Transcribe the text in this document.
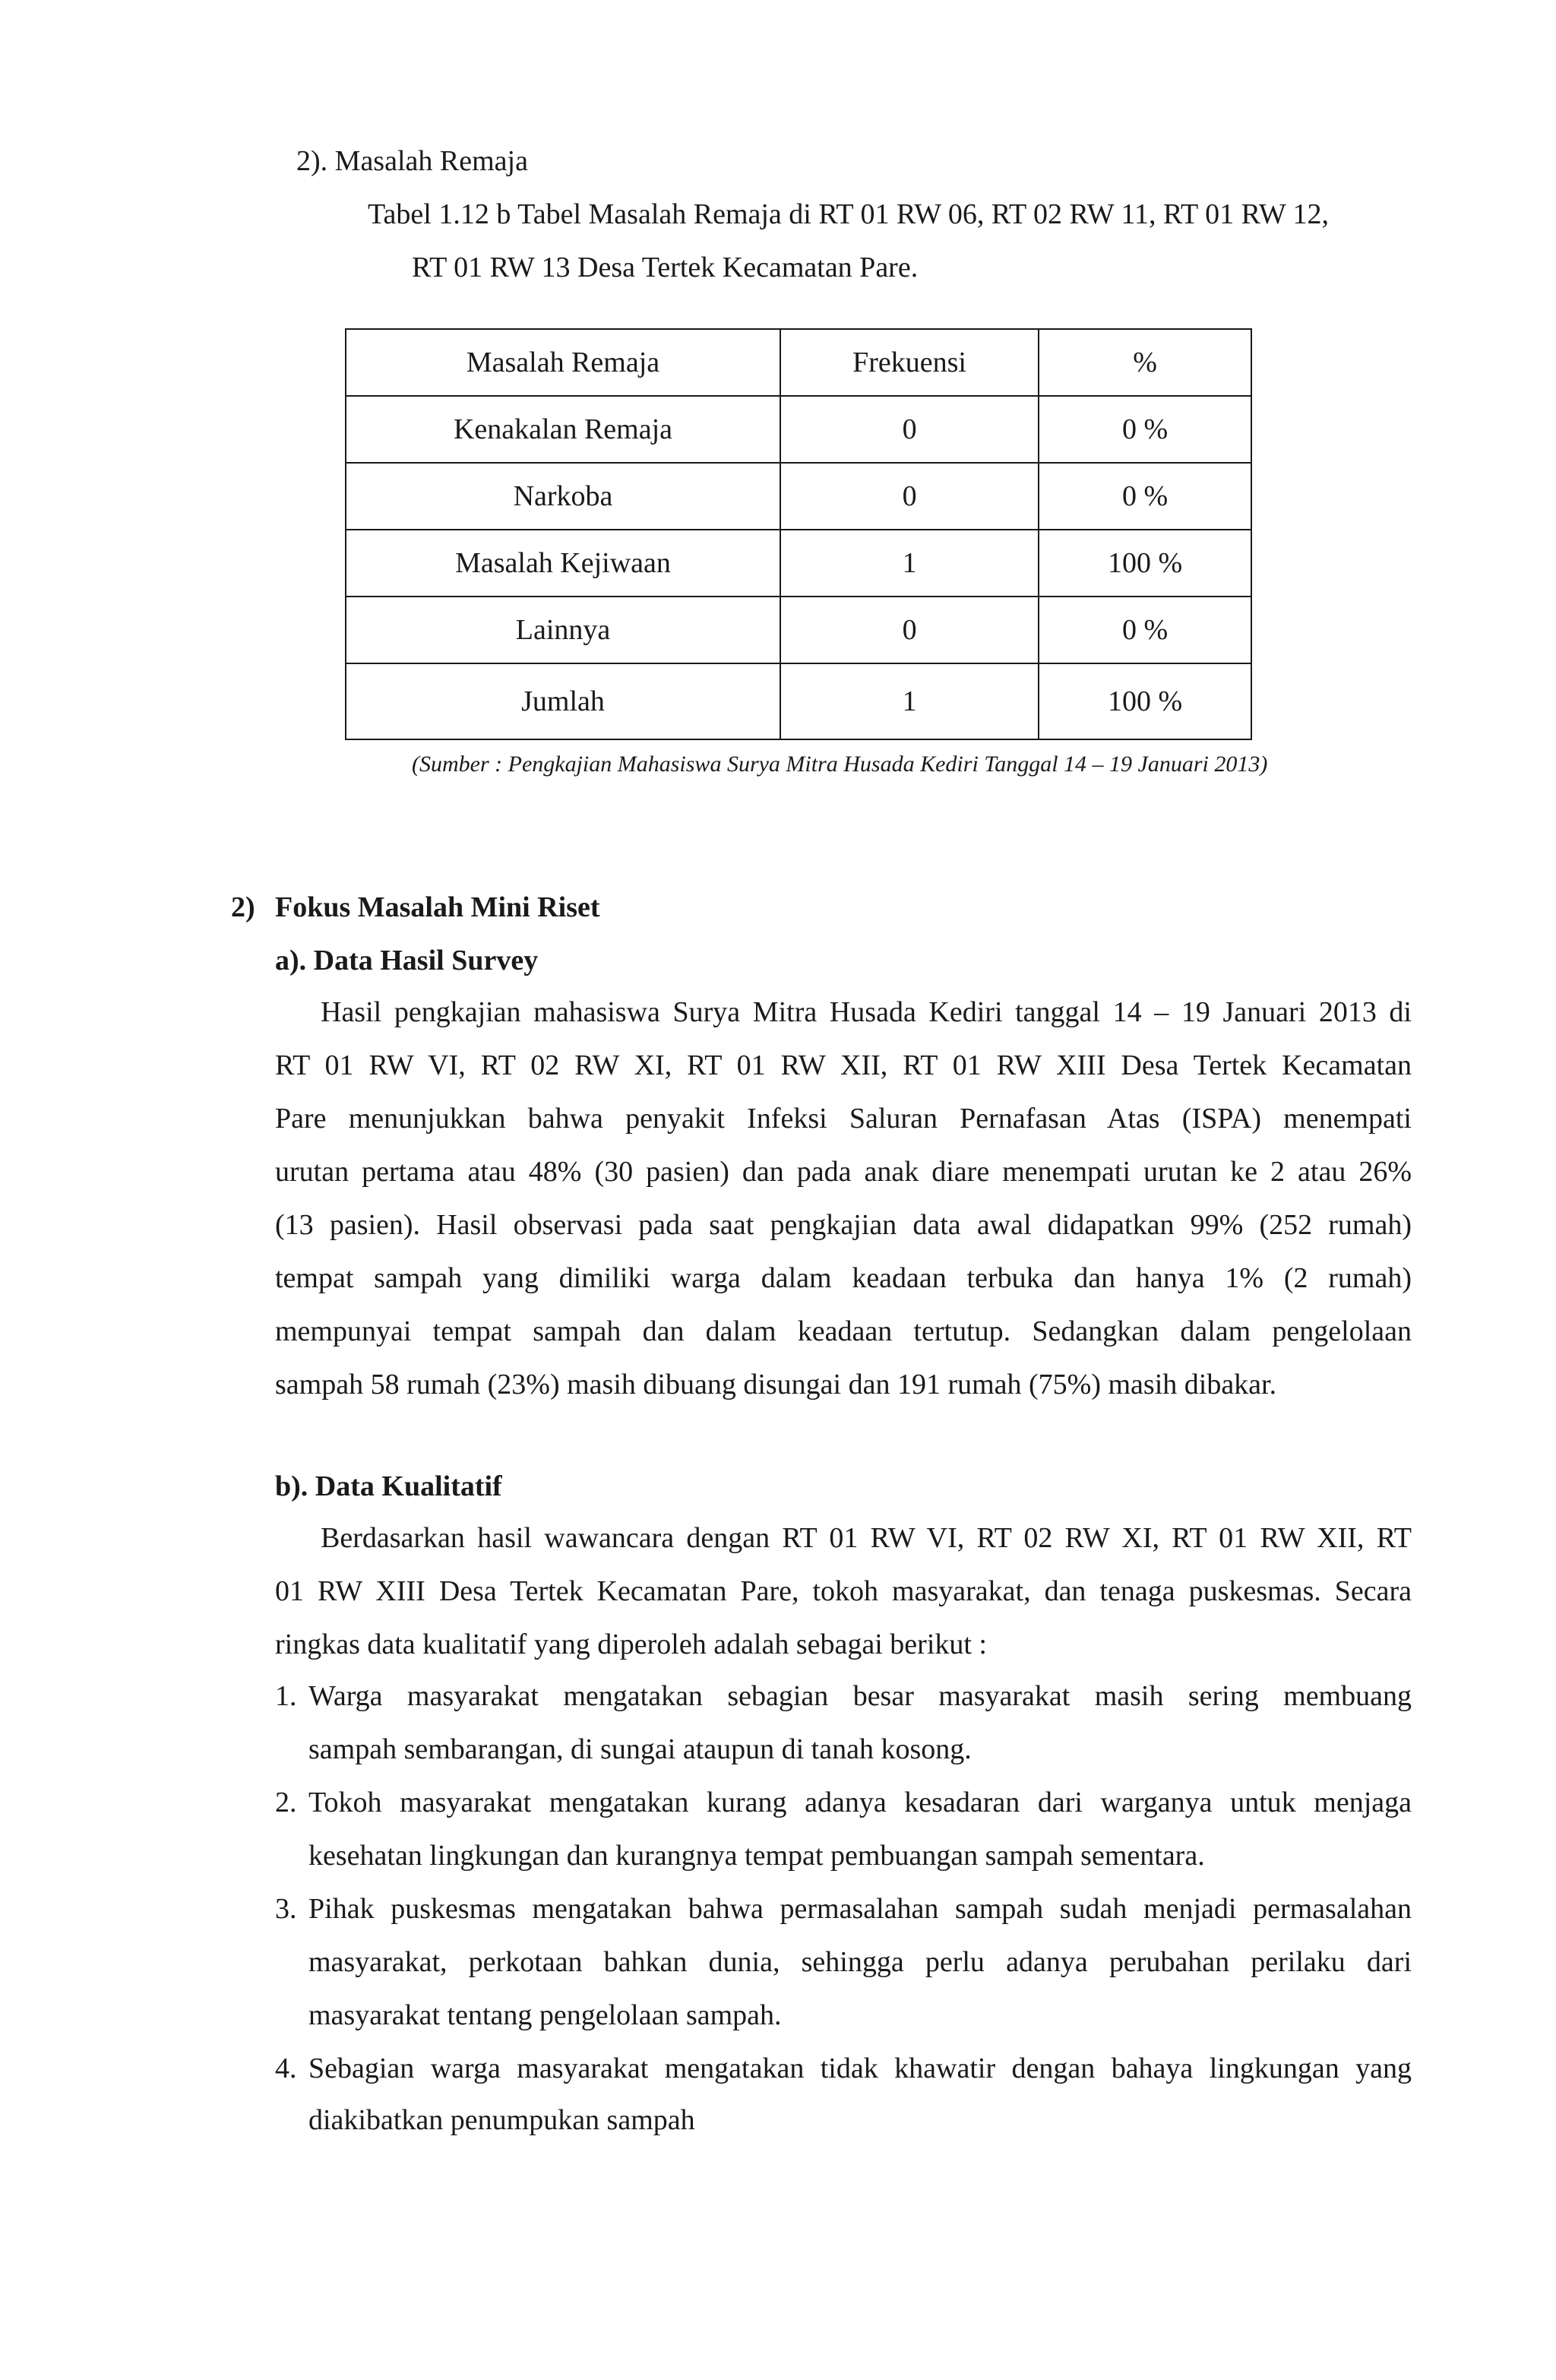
2). Masalah Remaja

Tabel 1.12 b Tabel Masalah Remaja di RT 01 RW 06, RT 02 RW 11, RT 01 RW 12,

RT 01 RW 13 Desa Tertek Kecamatan Pare.

Masalah Remaja	Frekuensi	%
Kenakalan Remaja	0	0 %
Narkoba	0	0 %
Masalah Kejiwaan	1	100 %
Lainnya	0	0 %
Jumlah	1	100 %

(Sumber : Pengkajian Mahasiswa Surya Mitra Husada Kediri Tanggal 14 – 19 Januari 2013)

2) Fokus Masalah Mini Riset

a). Data Hasil Survey

Hasil pengkajian mahasiswa Surya Mitra Husada Kediri tanggal 14 – 19 Januari 2013 di

RT 01 RW VI, RT 02 RW XI, RT 01 RW XII, RT 01 RW XIII Desa Tertek Kecamatan

Pare menunjukkan bahwa penyakit Infeksi Saluran Pernafasan Atas (ISPA) menempati

urutan pertama atau 48% (30 pasien) dan pada anak diare menempati urutan ke 2 atau 26%

(13 pasien). Hasil observasi pada saat pengkajian data awal didapatkan 99% (252 rumah)

tempat sampah yang dimiliki warga dalam keadaan terbuka dan hanya 1% (2 rumah)

mempunyai tempat sampah dan dalam keadaan tertutup. Sedangkan dalam pengelolaan

sampah 58 rumah (23%) masih dibuang disungai dan 191 rumah (75%) masih dibakar.

b). Data Kualitatif

Berdasarkan hasil wawancara dengan RT 01 RW VI, RT 02 RW XI, RT 01 RW XII, RT

01 RW XIII Desa Tertek Kecamatan Pare, tokoh masyarakat, dan tenaga puskesmas. Secara

ringkas data kualitatif yang diperoleh adalah sebagai berikut :

1. Warga masyarakat mengatakan sebagian besar masyarakat masih sering membuang

sampah sembarangan, di sungai ataupun di tanah kosong.

2. Tokoh masyarakat mengatakan kurang adanya kesadaran dari warganya untuk menjaga

kesehatan lingkungan dan kurangnya tempat pembuangan sampah sementara.

3. Pihak puskesmas mengatakan bahwa permasalahan sampah sudah menjadi permasalahan

masyarakat, perkotaan bahkan dunia, sehingga perlu adanya perubahan perilaku dari

masyarakat tentang pengelolaan sampah.

4. Sebagian warga masyarakat mengatakan tidak khawatir dengan bahaya lingkungan yang

diakibatkan penumpukan sampah
